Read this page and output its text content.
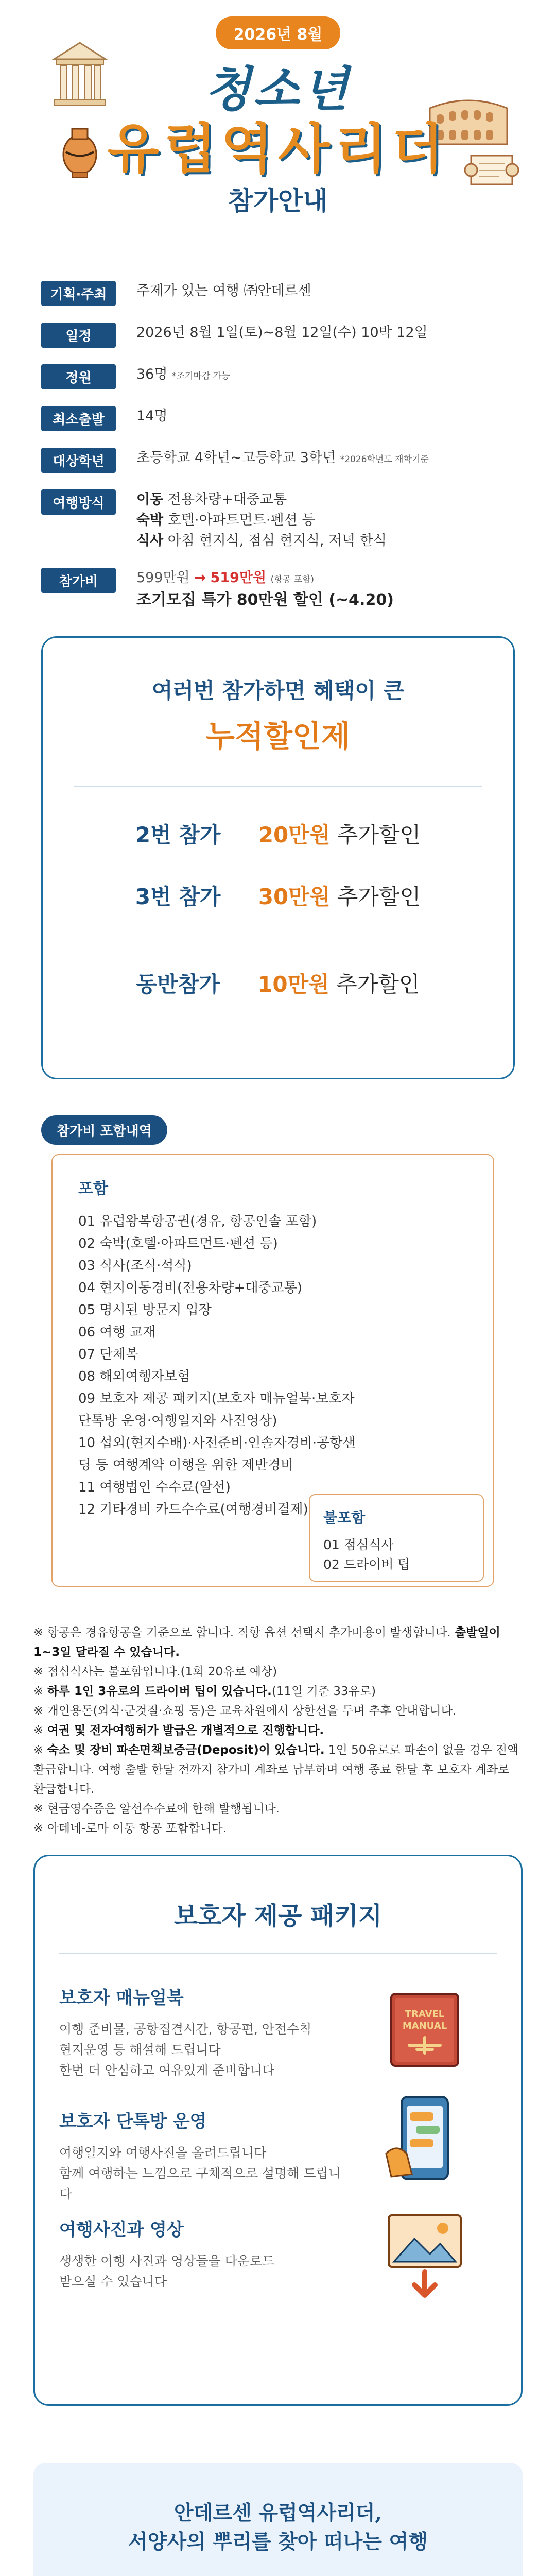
2026년 8월
청소년
유럽역사리더
참가안내
기획·주최	주제가 있는 여행 ㈜안데르센
일정	2026년 8월 1일(토)~8월 12일(수) 10박 12일
정원	36명 *조기마감 가능
최소출발	14명
대상학년	초등학교 4학년~고등학교 3학년 *2026학년도 재학기준
여행방식	이동 전용차량+대중교통
숙박 호텔·아파트먼트·펜션 등
식사 아침 현지식, 점심 현지식, 저녁 한식
참가비	599만원 → 519만원 (항공 포함)
조기모집 특가 80만원 할인 (~4.20)
여러번 참가하면 혜택이 큰
누적할인제
2번 참가 20만원 추가할인
3번 참가 30만원 추가할인
동반참가 10만원 추가할인
참가비 포함내역
포함
01 유럽왕복항공권(경유, 항공인솔 포함)
02 숙박(호텔·아파트먼트·펜션 등)
03 식사(조식·석식)
04 현지이동경비(전용차량+대중교통)
05 명시된 방문지 입장
06 여행 교재
07 단체복
08 해외여행자보험
09 보호자 제공 패키지(보호자 매뉴얼북·보호자단톡방 운영·여행일지와 사진영상)
10 섭외(현지수배)·사전준비·인솔자경비·공항샌딩 등 여행계약 이행을 위한 제반경비
11 여행법인 수수료(알선)
12 기타경비 카드수수료(여행경비결제)	불포함
01 점심식사
02 드라이버 팁

※ 항공은 경유항공을 기준으로 합니다. 직항 옵션 선택시 추가비용이 발생합니다. 출발일이 1~3일 달라질 수 있습니다.

※ 점심식사는 불포함입니다.(1회 20유로 예상)

※ 하루 1인 3유로의 드라이버 팁이 있습니다.(11일 기준 33유로)

※ 개인용돈(외식·군것질·쇼핑 등)은 교육차원에서 상한선을 두며 추후 안내합니다.

※ 여권 및 전자여행허가 발급은 개별적으로 진행합니다.

※ 숙소 및 장비 파손면책보증금(Deposit)이 있습니다. 1인 50유로로 파손이 없을 경우 전액 환급합니다. 여행 출발 한달 전까지 참가비 계좌로 납부하며 여행 종료 한달 후 보호자 계좌로 환급합니다.

※ 현금영수증은 알선수수료에 한해 발행됩니다.

※ 아테네-로마 이동 항공 포함합니다.

보호자 제공 패키지
보호자 매뉴얼북

여행 준비물, 공항집결시간, 항공편, 안전수칙

현지운영 등 해설해 드립니다

한번 더 안심하고 여유있게 준비합니다

TRAVEL
MANUAL
보호자 단톡방 운영

여행일지와 여행사진을 올려드립니다

함께 여행하는 느낌으로 구체적으로 설명해 드립니다

여행사진과 영상

생생한 여행 사진과 영상들을 다운로드

받으실 수 있습니다

안데르센 유럽역사리더,
서양사의 뿌리를 찾아 떠나는 여행
